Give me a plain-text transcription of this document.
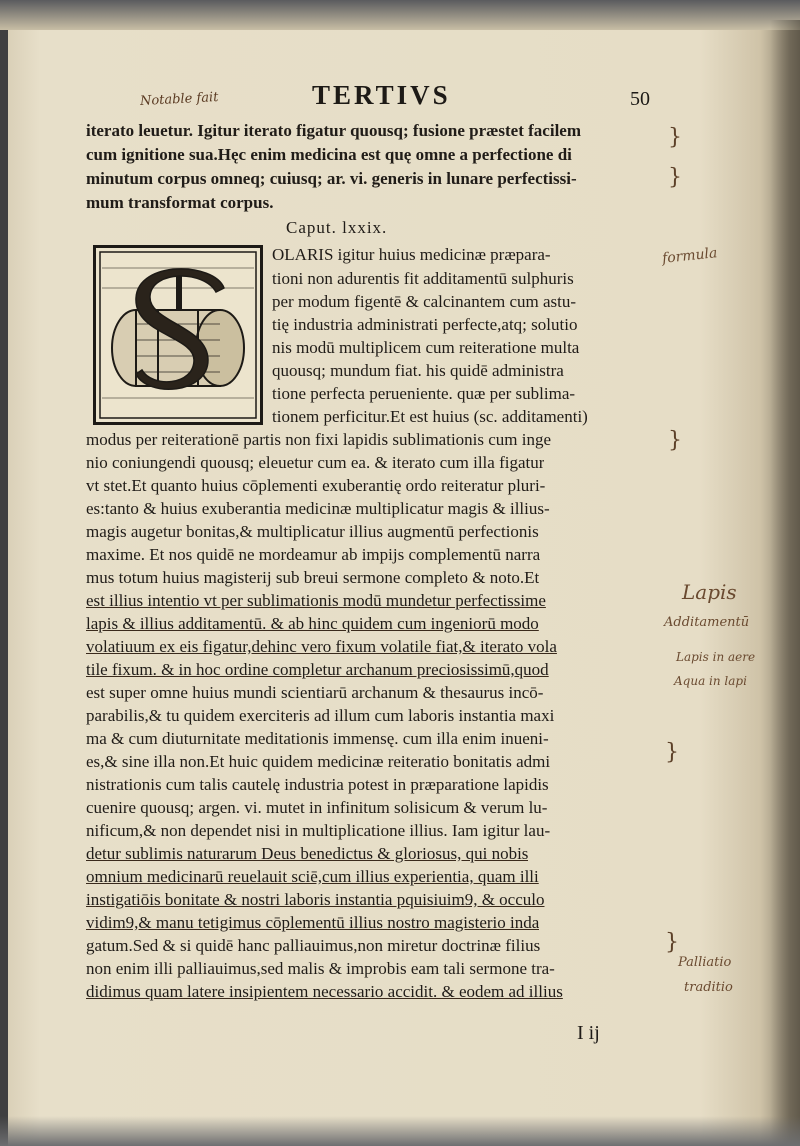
Notable fait	TERTIVS	50
iterato leuetur. Igitur iterato figatur quousq; fusione præstet facilem
cum ignitione sua.Hęc enim medicina est quę omne a perfectione di
minutum corpus omneq; cuiusq; ar. vi. generis in lunare perfectissi-
mum transformat corpus.
Caput. lxxix.
OLARIS igitur huius medicinæ præpara-
tioni non adurentis fit additamentū sulphuris
per modum figentē & calcinantem cum astu-
tię industria administrati perfecte,atq; solutio
nis modū multiplicem cum reiteratione multa
quousq; mundum fiat. his quidē administra
tione perfecta perueniente. quæ per sublima-
tionem perficitur.Et est huius (sc. additamenti)
modus per reiterationē partis non fixi lapidis sublimationis cum inge
nio coniungendi quousq; eleuetur cum ea. & iterato cum illa figatur
vt stet.Et quanto huius cōplementi exuberantię ordo reiteratur pluri-
es:tanto & huius exuberantia medicinæ multiplicatur magis & illius-
magis augetur bonitas,& multiplicatur illius augmentū perfectionis
maxime. Et nos quidē ne mordeamur ab impijs complementū narra
mus totum huius magisterij sub breui sermone completo & noto.Et
est illius intentio vt per sublimationis modū mundetur perfectissime
lapis & illius additamentū. & ab hinc quidem cum ingeniorū modo
volatiuum ex eis figatur,dehinc vero fixum volatile fiat,& iterato vola
tile fixum. & in hoc ordine completur archanum preciosissimū,quod
est super omne huius mundi scientiarū archanum & thesaurus incō-
parabilis,& tu quidem exerciteris ad illum cum laboris instantia maxi
ma & cum diuturnitate meditationis immensę. cum illa enim inueni-
es,& sine illa non.Et huic quidem medicinæ reiteratio bonitatis admi
nistrationis cum talis cautelę industria potest in præparatione lapidis
cuenire quousq; argen. vi. mutet in infinitum solisicum & verum lu-
nificum,& non dependet nisi in multiplicatione illius. Iam igitur lau-
detur sublimis naturarum Deus benedictus & gloriosus, qui nobis
omnium medicinarū reuelauit sciē,cum illius experientia, quam illi
instigatiōis bonitate & nostri laboris instantia pquisiuim9, & occulo
vidim9,& manu tetigimus cōplementū illius nostro magisterio inda
gatum.Sed & si quidē hanc palliauimus,non miretur doctrinæ filius
non enim illi palliauimus,sed malis & improbis eam tali sermone tra-
didimus quam latere insipientem necessario accidit. & eodem ad illius
}
}
}
}
}
formula
Lapis
Additamentū
Lapis in aere
Aqua in lapi
Palliatio
traditio
I ij
